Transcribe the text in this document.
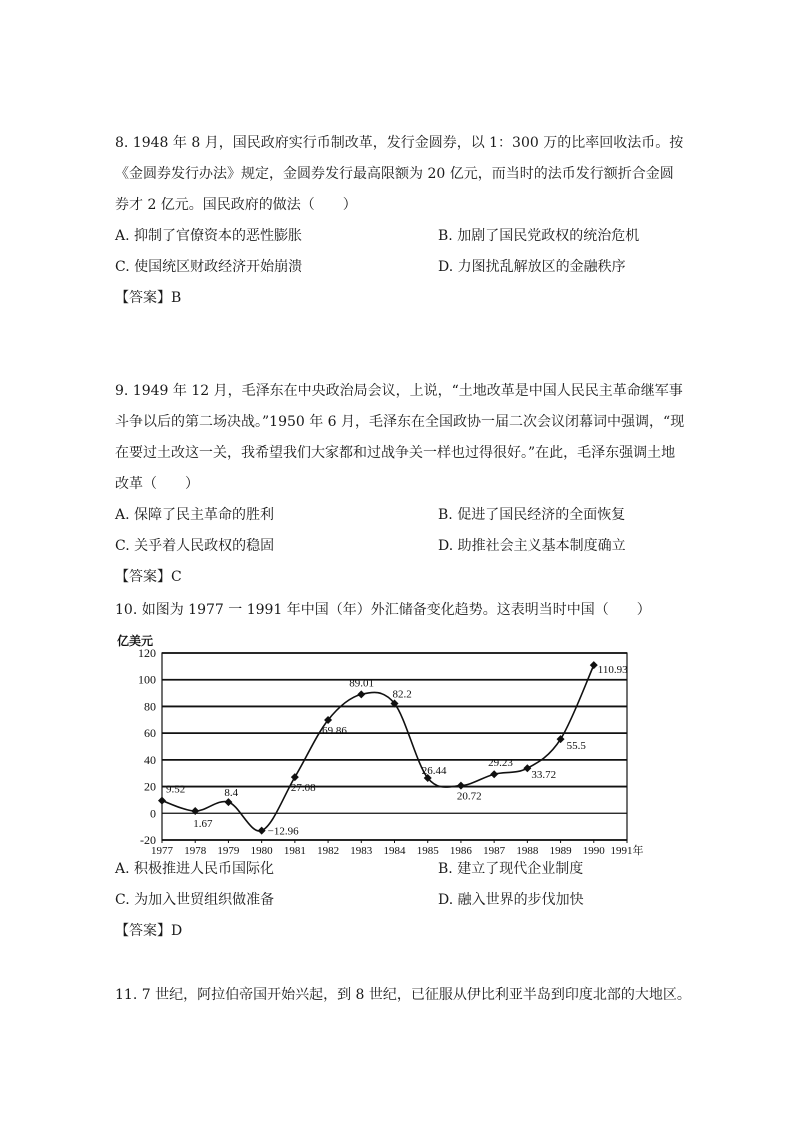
8. 1948 年 8 月，国民政府实行币制改革，发行金圆券，以 1：300 万的比率回收法币。按《金圆券发行办法》规定，金圆券发行最高限额为 20 亿元，而当时的法币发行额折合金圆券才 2 亿元。国民政府的做法（　　）

A. 抑制了官僚资本的恶性膨胀	B. 加剧了国民党政权的统治危机
C. 使国统区财政经济开始崩溃	D. 力图扰乱解放区的金融秩序

【答案】B

9. 1949 年 12 月，毛泽东在中央政治局会议，上说，“土地改革是中国人民民主革命继军事斗争以后的第二场决战。”1950 年 6 月，毛泽东在全国政协一届二次会议闭幕词中强调，“现在要过土改这一关，我希望我们大家都和过战争关一样也过得很好。”在此，毛泽东强调土地改革（　　）

A. 保障了民主革命的胜利	B. 促进了国民经济的全面恢复
C. 关乎着人民政权的稳固	D. 助推社会主义基本制度确立

【答案】C

10. 如图为 1977 一 1991 年中国（年）外汇储备变化趋势。这表明当时中国（　　）

120
100
80
60
40
20
0
-20
1977 1978 1979 1980 1981 1982 1983 1984 1985 1986 1987 1988 1989 1990 1991年
9.52
1.67
8.4
−12.96
27.08
69.86
89.01
82.2
26.44
20.72
29.23
33.72
55.5
110.93
亿美元
A. 积极推进人民币国际化	B. 建立了现代企业制度
C. 为加入世贸组织做准备	D. 融入世界的步伐加快

【答案】D

11. 7 世纪，阿拉伯帝国开始兴起，到 8 世纪，已征服从伊比利亚半岛到印度北部的大地区。
